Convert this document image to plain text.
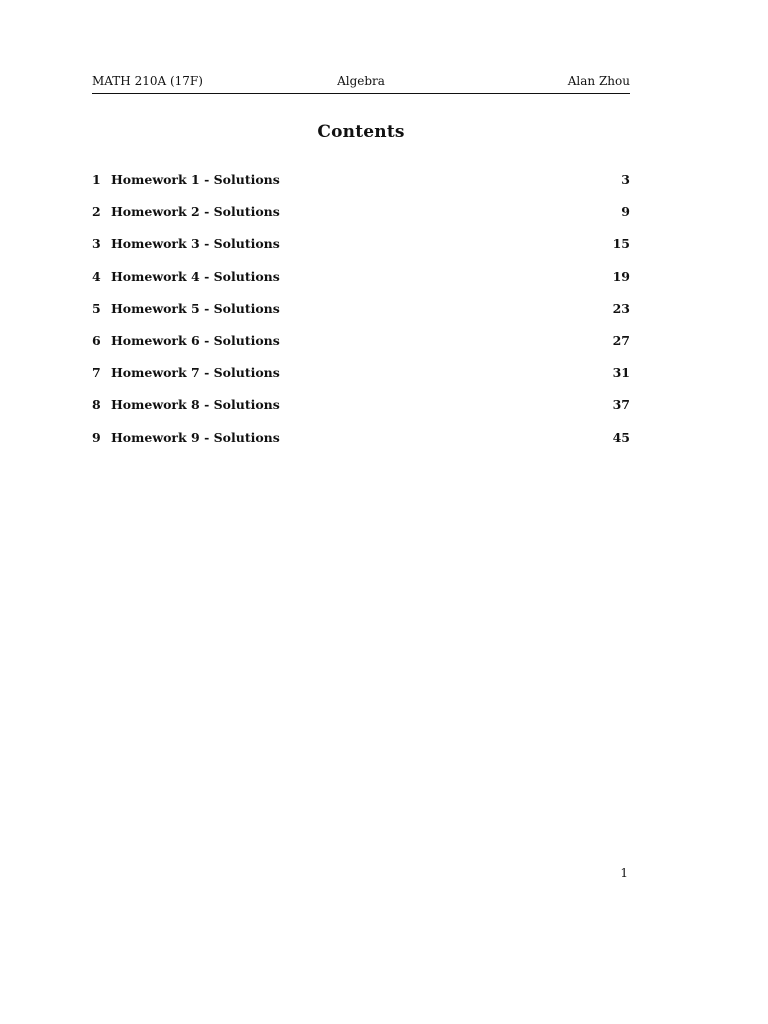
MATH 210A (17F)	Algebra	Alan Zhou
Contents
1 Homework 1 - Solutions	3
2 Homework 2 - Solutions	9
3 Homework 3 - Solutions	15
4 Homework 4 - Solutions	19
5 Homework 5 - Solutions	23
6 Homework 6 - Solutions	27
7 Homework 7 - Solutions	31
8 Homework 8 - Solutions	37
9 Homework 9 - Solutions	45
1
